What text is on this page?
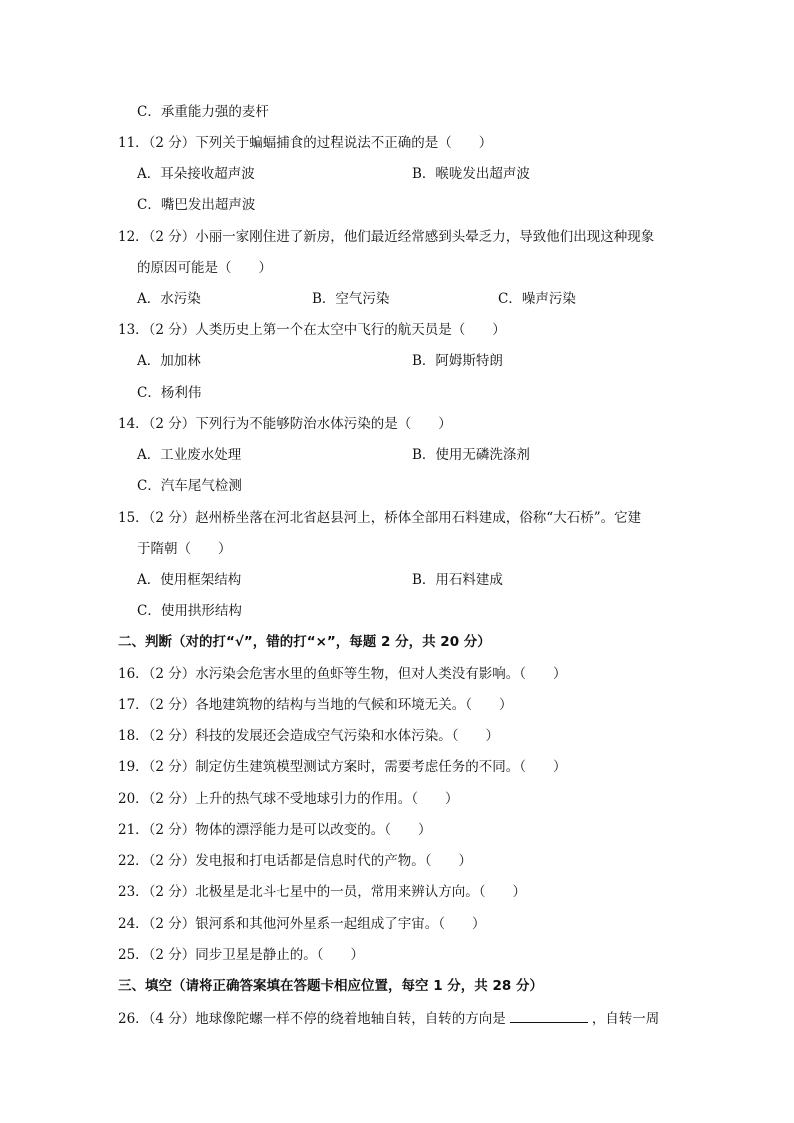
C．承重能力强的麦杆
11．（2 分）下列关于蝙蝠捕食的过程说法不正确的是（　　）
A．耳朵接收超声波	B．喉咙发出超声波
C．嘴巴发出超声波
12．（2 分）小丽一家刚住进了新房，他们最近经常感到头晕乏力，导致他们出现这种现象
的原因可能是（　　）
A．水污染	B．空气污染	C．噪声污染
13．（2 分）人类历史上第一个在太空中飞行的航天员是（　　）
A．加加林	B．阿姆斯特朗
C．杨利伟
14．（2 分）下列行为不能够防治水体污染的是（　　）
A．工业废水处理	B．使用无磷洗涤剂
C．汽车尾气检测
15．（2 分）赵州桥坐落在河北省赵县河上，桥体全部用石料建成，俗称“大石桥”。它建
于隋朝（　　）
A．使用框架结构	B．用石料建成
C．使用拱形结构
二、判断（对的打“√”，错的打“×”，每题 2 分，共 20 分）
16．（2 分）水污染会危害水里的鱼虾等生物，但对人类没有影响。（　　）
17．（2 分）各地建筑物的结构与当地的气候和环境无关。（　　）
18．（2 分）科技的发展还会造成空气污染和水体污染。（　　）
19．（2 分）制定仿生建筑模型测试方案时，需要考虑任务的不同。（　　）
20．（2 分）上升的热气球不受地球引力的作用。（　　）
21．（2 分）物体的漂浮能力是可以改变的。（　　）
22．（2 分）发电报和打电话都是信息时代的产物。（　　）
23．（2 分）北极星是北斗七星中的一员，常用来辨认方向。（　　）
24．（2 分）银河系和其他河外星系一起组成了宇宙。（　　）
25．（2 分）同步卫星是静止的。（　　）
三、填空（请将正确答案填在答题卡相应位置，每空 1 分，共 28 分）
26．（4 分）地球像陀螺一样不停的绕着地轴自转，自转的方向是	，自转一周
